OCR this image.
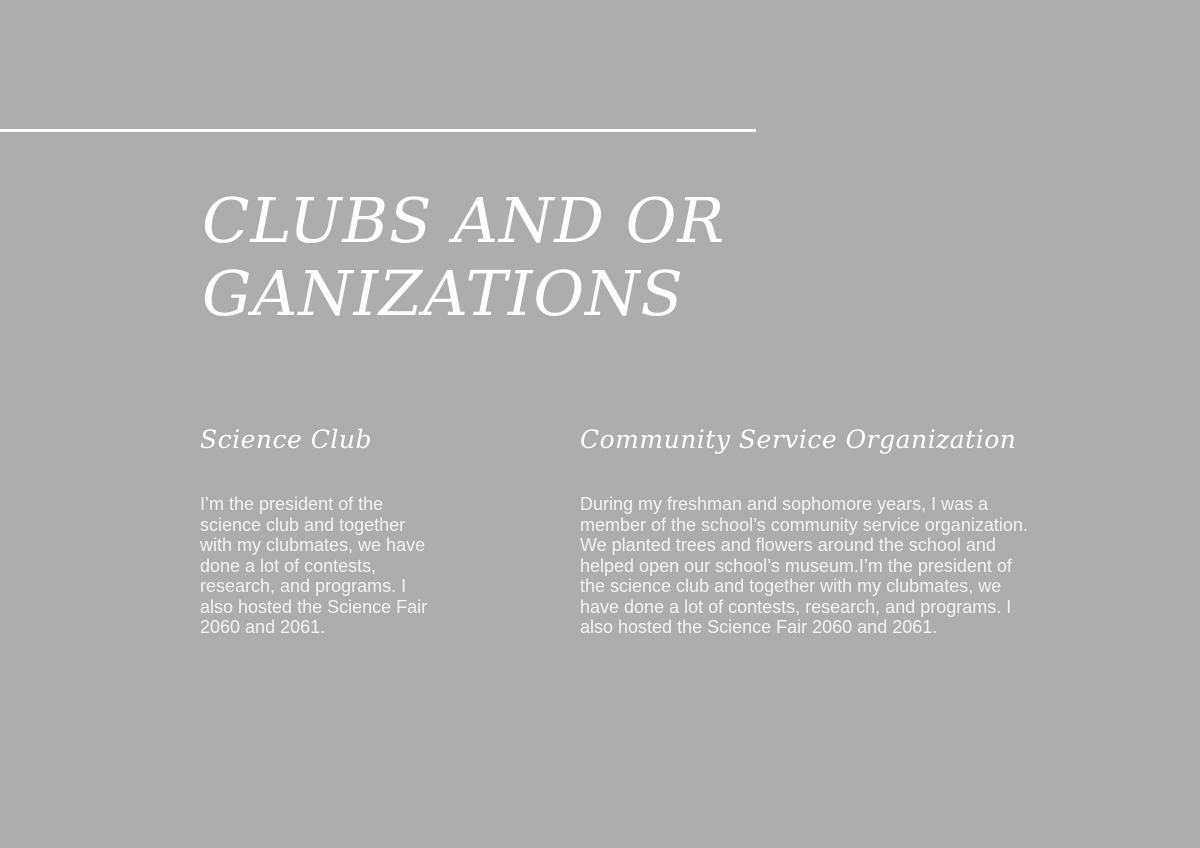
CLUBS AND ORGANIZATIONS
Science Club

I’m the president of the science club and together with my clubmates, we have done a lot of contests, research, and programs. I also hosted the Science Fair 2060 and 2061.

Community Service Organization

During my freshman and sophomore years, I was a member of the school’s community service organization. We planted trees and flowers around the school and helped open our school’s museum.I’m the president of the science club and together with my clubmates, we have done a lot of contests, research, and programs. I also hosted the Science Fair 2060 and 2061.
